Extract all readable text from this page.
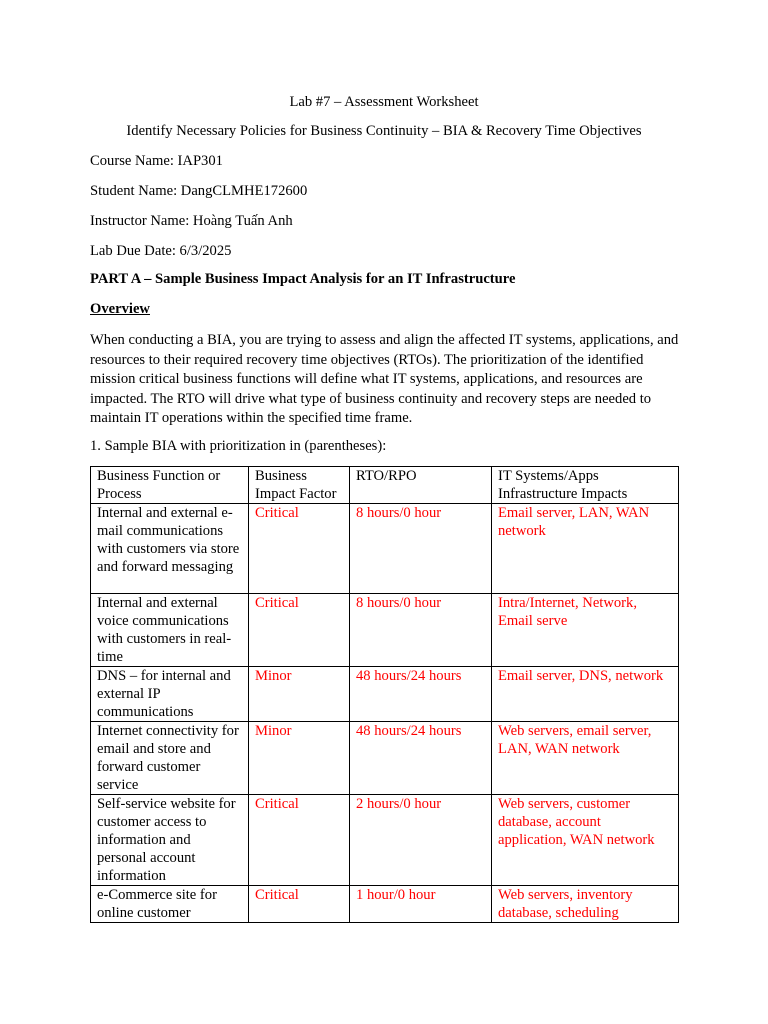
Lab #7 – Assessment Worksheet
Identify Necessary Policies for Business Continuity – BIA & Recovery Time Objectives
Course Name: IAP301
Student Name: DangCLMHE172600
Instructor Name: Hoàng Tuấn Anh
Lab Due Date: 6/3/2025
PART A – Sample Business Impact Analysis for an IT Infrastructure
Overview
When conducting a BIA, you are trying to assess and align the affected IT systems, applications, and resources to their required recovery time objectives (RTOs). The prioritization of the identified mission critical business functions will define what IT systems, applications, and resources are impacted. The RTO will drive what type of business continuity and recovery steps are needed to maintain IT operations within the specified time frame.
1. Sample BIA with prioritization in (parentheses):
Business Function or Process	Business Impact Factor	RTO/RPO	IT Systems/Apps Infrastructure Impacts
Internal and external e-mail communications with customers via store and forward messaging	Critical	8 hours/0 hour	Email server, LAN, WAN network
Internal and external voice communications with customers in real-time	Critical	8 hours/0 hour	Intra/Internet, Network, Email serve
DNS – for internal and external IP communications	Minor	48 hours/24 hours	Email server, DNS, network
Internet connectivity for email and store and forward customer service	Minor	48 hours/24 hours	Web servers, email server, LAN, WAN network
Self-service website for customer access to information and personal account information	Critical	2 hours/0 hour	Web servers, customer database, account application, WAN network
e-Commerce site for online customer	Critical	1 hour/0 hour	Web servers, inventory database, scheduling
